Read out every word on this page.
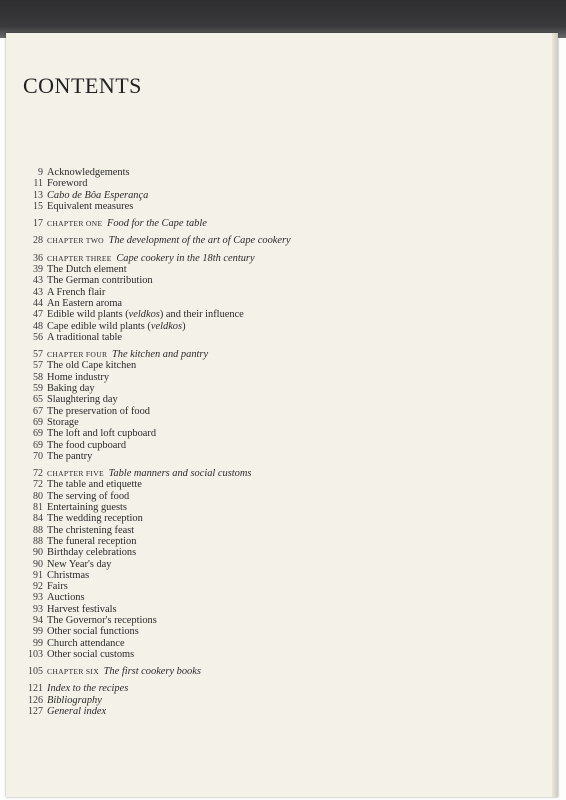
CONTENTS
9 Acknowledgements
11 Foreword
13 Cabo de Bôa Esperança
15 Equivalent measures
17 CHAPTER ONE Food for the Cape table
28 CHAPTER TWO The development of the art of Cape cookery
36 CHAPTER THREE Cape cookery in the 18th century
39 The Dutch element
43 The German contribution
43 A French flair
44 An Eastern aroma
47 Edible wild plants (veldkos) and their influence
48 Cape edible wild plants (veldkos)
56 A traditional table
57 CHAPTER FOUR The kitchen and pantry
57 The old Cape kitchen
58 Home industry
59 Baking day
65 Slaughtering day
67 The preservation of food
69 Storage
69 The loft and loft cupboard
69 The food cupboard
70 The pantry
72 CHAPTER FIVE Table manners and social customs
72 The table and etiquette
80 The serving of food
81 Entertaining guests
84 The wedding reception
88 The christening feast
88 The funeral reception
90 Birthday celebrations
90 New Year's day
91 Christmas
92 Fairs
93 Auctions
93 Harvest festivals
94 The Governor's receptions
99 Other social functions
99 Church attendance
103 Other social customs
105 CHAPTER SIX The first cookery books
121 Index to the recipes
126 Bibliography
127 General index
